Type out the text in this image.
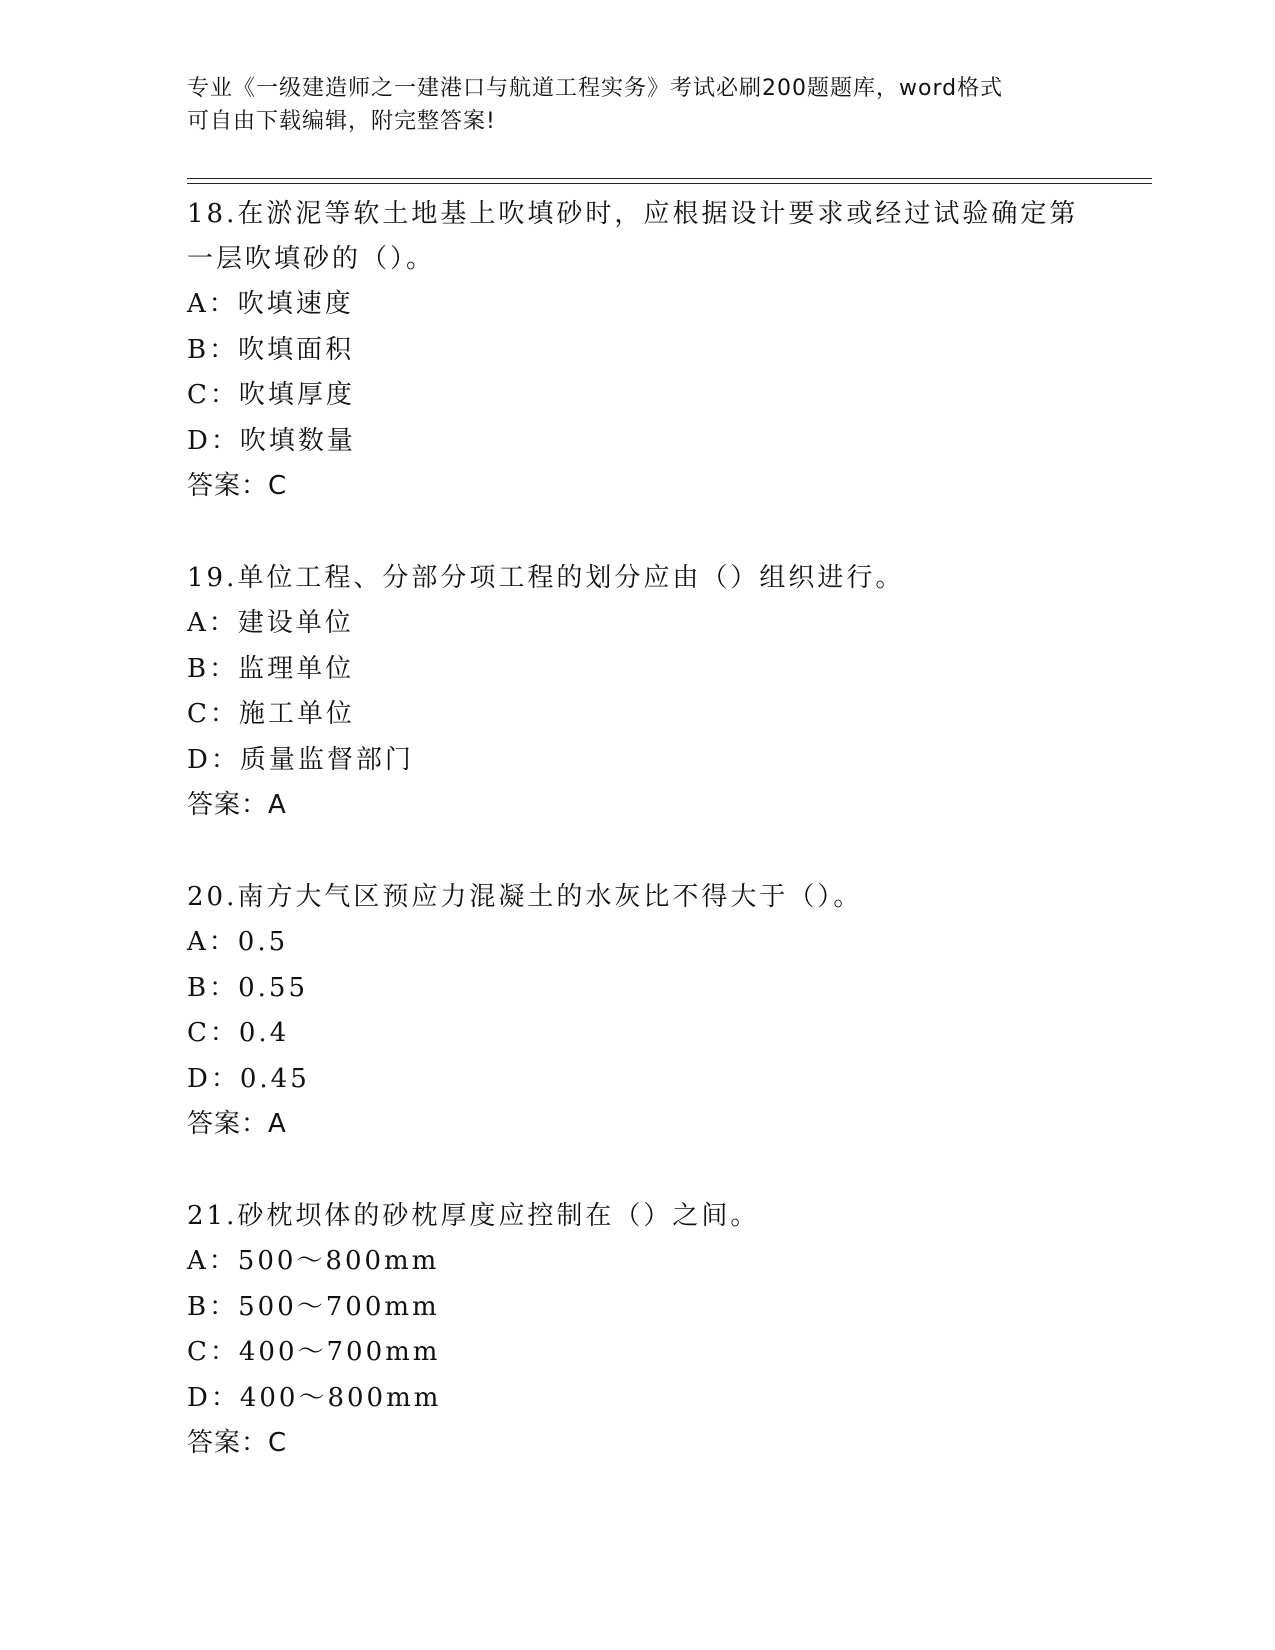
专业《一级建造师之一建港口与航道工程实务》考试必刷200题题库，word格式
可自由下载编辑，附完整答案!
18.在淤泥等软土地基上吹填砂时，应根据设计要求或经过试验确定第
一层吹填砂的（）。
A：吹填速度
B：吹填面积
C：吹填厚度
D：吹填数量
答案：C
19.单位工程、分部分项工程的划分应由（）组织进行。
A：建设单位
B：监理单位
C：施工单位
D：质量监督部门
答案：A
20.南方大气区预应力混凝土的水灰比不得大于（）。
A：0.5
B：0.55
C：0.4
D：0.45
答案：A
21.砂枕坝体的砂枕厚度应控制在（）之间。
A：500～800mm
B：500～700mm
C：400～700mm
D：400～800mm
答案：C
